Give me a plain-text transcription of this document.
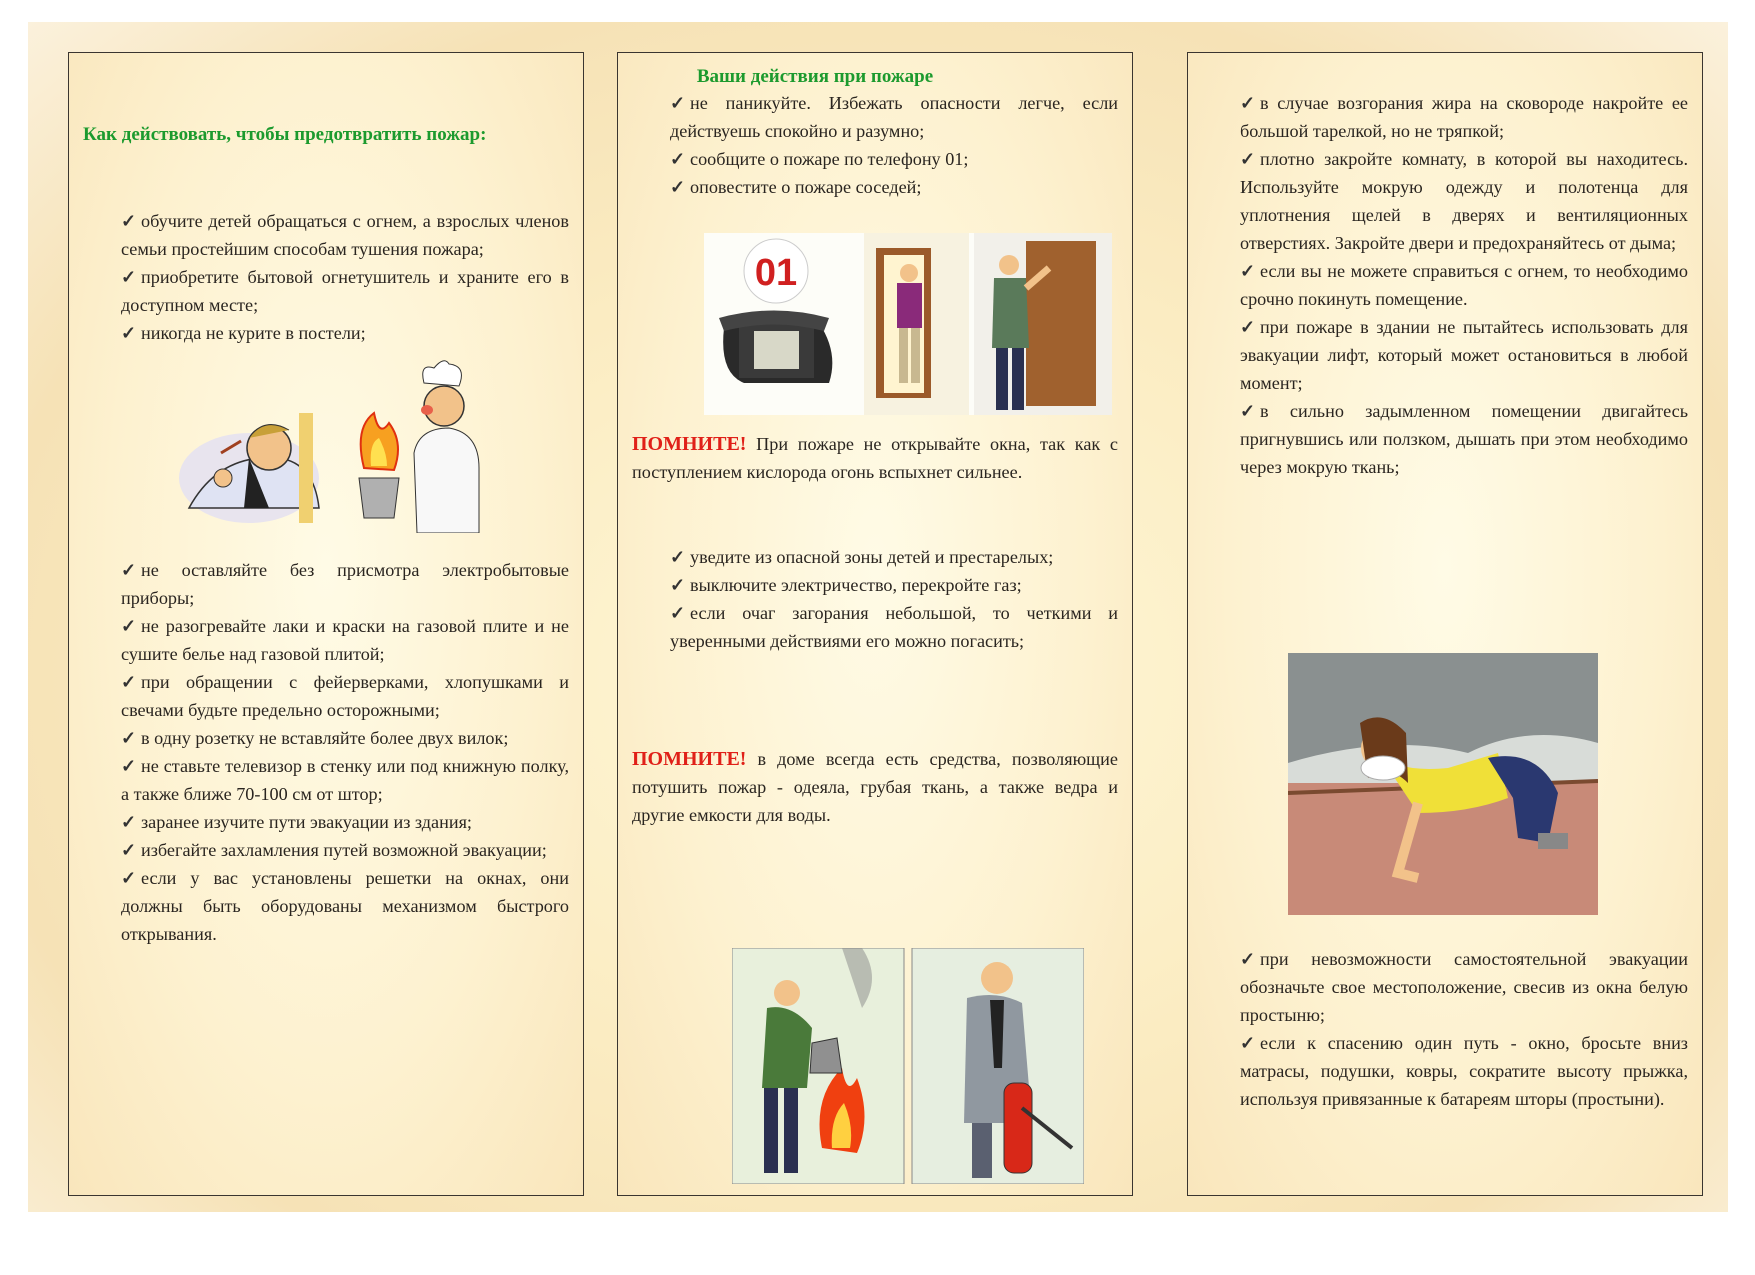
Как действовать, чтобы предотвратить пожар:

✓ обучите детей обращаться с огнем, а взрослых членов семьи простейшим способам тушения пожара;

✓ приобретите бытовой огнетушитель и храните его в доступном месте;

✓ никогда не курите в постели;

✓ не оставляйте без присмотра электробытовые приборы;

✓ не разогревайте лаки и краски на газовой плите и не сушите белье над газовой плитой;

✓ при обращении с фейерверками, хлопушками и свечами будьте предельно осторожными;

✓ в одну розетку не вставляйте более двух вилок;

✓ не ставьте телевизор в стенку или под книжную полку, а также ближе 70-100 см от штор;

✓ заранее изучите пути эвакуации из здания;

✓ избегайте захламления путей возможной эвакуации;

✓ если у вас установлены решетки на окнах, они должны быть оборудованы механизмом быстрого открывания.

Ваши действия при пожаре

✓ не паникуйте. Избежать опасности легче, если действуешь спокойно и разумно;

✓ сообщите о пожаре по телефону 01;

✓ оповестите о пожаре соседей;

01

ПОМНИТЕ! При пожаре не открывайте окна, так как с поступлением кислорода огонь вспыхнет сильнее.

✓ уведите из опасной зоны детей и престарелых;

✓ выключите электричество, перекройте газ;

✓ если очаг загорания небольшой, то четкими и уверенными действиями его можно погасить;

ПОМНИТЕ! в доме всегда есть средства, позволяющие потушить пожар - одеяла, грубая ткань, а также ведра и другие емкости для воды.

✓ в случае возгорания жира на сковороде накройте ее большой тарелкой, но не тряпкой;

✓ плотно закройте комнату, в которой вы находитесь. Используйте мокрую одежду и полотенца для уплотнения щелей в дверях и вентиляционных отверстиях. Закройте двери и предохраняйтесь от дыма;

✓ если вы не можете справиться с огнем, то необходимо срочно покинуть помещение.

✓ при пожаре в здании не пытайтесь использовать для эвакуации лифт, который может остановиться в любой момент;

✓ в сильно задымленном помещении двигайтесь пригнувшись или ползком, дышать при этом необходимо через мокрую ткань;

✓ при невозможности самостоятельной эвакуации обозначьте свое местоположение, свесив из окна белую простыню;

✓ если к спасению один путь - окно, бросьте вниз матрасы, подушки, ковры, сократите высоту прыжка, используя привязанные к батареям шторы (простыни).
